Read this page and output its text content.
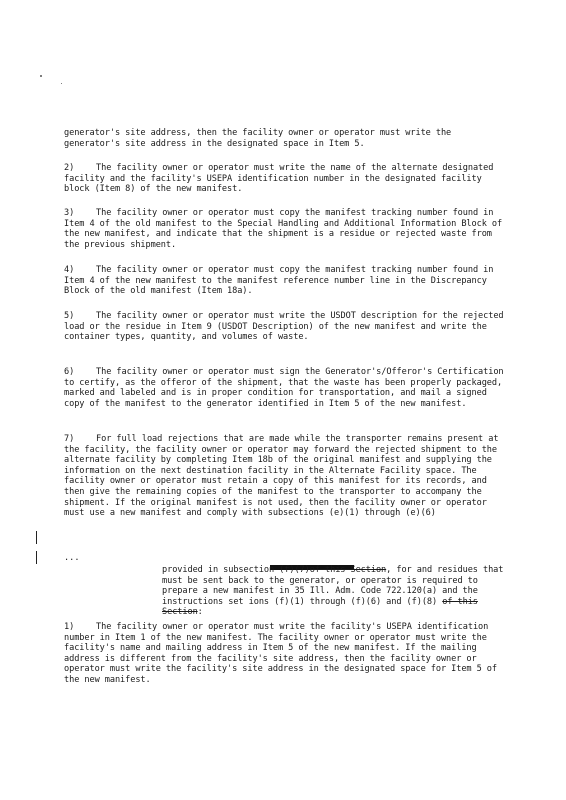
generator's site address, then the facility owner or operator must write the generator's site address in the designated space in Item 5.

2)	The facility owner or operator must write the name of the alternate designated facility and the facility's USEPA identification number in the designated facility block (Item 8) of the new manifest.

3)	The facility owner or operator must copy the manifest tracking number found in Item 4 of the old manifest to the Special Handling and Additional Information Block of the new manifest, and indicate that the shipment is a residue or rejected waste from the previous shipment.

4)	The facility owner or operator must copy the manifest tracking number found in Item 4 of the new manifest to the manifest reference number line in the Discrepancy Block of the old manifest (Item 18a).

5)	The facility owner or operator must write the USDOT description for the rejected load or the residue in Item 9 (USDOT Description) of the new manifest and write the container types, quantity, and volumes of waste.

6)	The facility owner or operator must sign the Generator's/Offeror's Certification to certify, as the offeror of the shipment, that the waste has been properly packaged, marked and labeled and is in proper condition for transportation, and mail a signed copy of the manifest to the generator identified in Item 5 of the new manifest.

7)	For full load rejections that are made while the transporter remains present at the facility, the facility owner or operator may forward the rejected shipment to the alternate facility by completing Item 18b of the original manifest and supplying the information on the next destination facility in the Alternate Facility space. The facility owner or operator must retain a copy of this manifest for its records, and then give the remaining copies of the manifest to the transporter to accompany the shipment. If the original manifest is not used, then the facility owner or operator must use a new manifest and comply with subsections (e)(1) through (e)(6)

...

provided in subsection (f)(7)of this Section, for and residues that must be sent back to the generator, or operator is required to prepare a new manifest in 35 Ill. Adm. Code 722.120(a) and the instructions set ions (f)(1) through (f)(6) and (f)(8) of this Section:

1)	The facility owner or operator must write the facility's USEPA identification number in Item 1 of the new manifest. The facility owner or operator must write the facility's name and mailing address in Item 5 of the new manifest. If the mailing address is different from the facility's site address, then the facility owner or operator must write the facility's site address in the designated space for Item 5 of the new manifest.
